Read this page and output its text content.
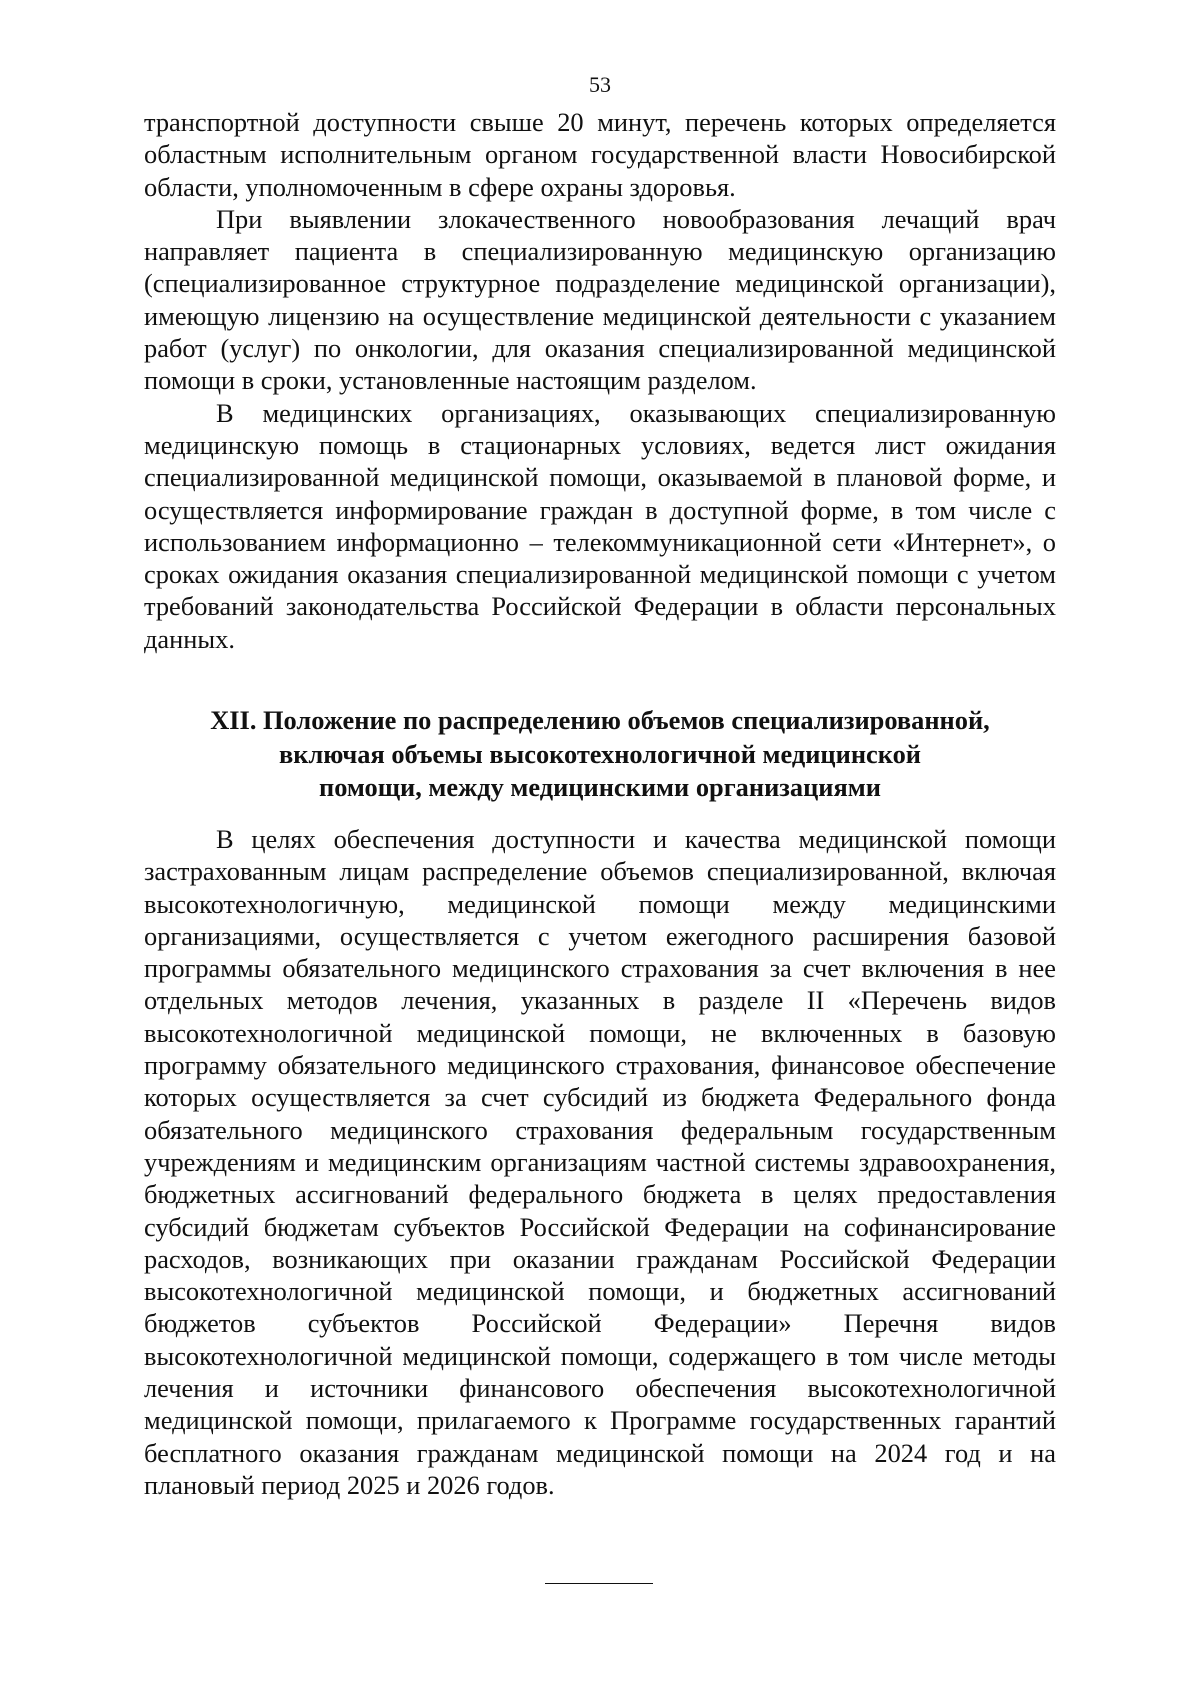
53

транспортной доступности свыше 20 минут, перечень которых определяется областным исполнительным органом государственной власти Новосибирской области, уполномоченным в сфере охраны здоровья.

При выявлении злокачественного новообразования лечащий врач направляет пациента в специализированную медицинскую организацию (специализированное структурное подразделение медицинской организации), имеющую лицензию на осуществление медицинской деятельности с указанием работ (услуг) по онкологии, для оказания специализированной медицинской помощи в сроки, установленные настоящим разделом.

В медицинских организациях, оказывающих специализированную медицинскую помощь в стационарных условиях, ведется лист ожидания специализированной медицинской помощи, оказываемой в плановой форме, и осуществляется информирование граждан в доступной форме, в том числе с использованием информационно – телекоммуникационной сети «Интернет», о сроках ожидания оказания специализированной медицинской помощи с учетом требований законодательства Российской Федерации в области персональных данных.

XII. Положение по распределению объемов специализированной,
включая объемы высокотехнологичной медицинской
помощи, между медицинскими организациями

В целях обеспечения доступности и качества медицинской помощи застрахованным лицам распределение объемов специализированной, включая высокотехнологичную, медицинской помощи между медицинскими организациями, осуществляется с учетом ежегодного расширения базовой программы обязательного медицинского страхования за счет включения в нее отдельных методов лечения, указанных в разделе II «Перечень видов высокотехнологичной медицинской помощи, не включенных в базовую программу обязательного медицинского страхования, финансовое обеспечение которых осуществляется за счет субсидий из бюджета Федерального фонда обязательного медицинского страхования федеральным государственным учреждениям и медицинским организациям частной системы здравоохранения, бюджетных ассигнований федерального бюджета в целях предоставления субсидий бюджетам субъектов Российской Федерации на софинансирование расходов, возникающих при оказании гражданам Российской Федерации высокотехнологичной медицинской помощи, и бюджетных ассигнований бюджетов субъектов Российской Федерации» Перечня видов высокотехнологичной медицинской помощи, содержащего в том числе методы лечения и источники финансового обеспечения высокотехнологичной медицинской помощи, прилагаемого к Программе государственных гарантий бесплатного оказания гражданам медицинской помощи на 2024 год и на плановый период 2025 и 2026 годов.
